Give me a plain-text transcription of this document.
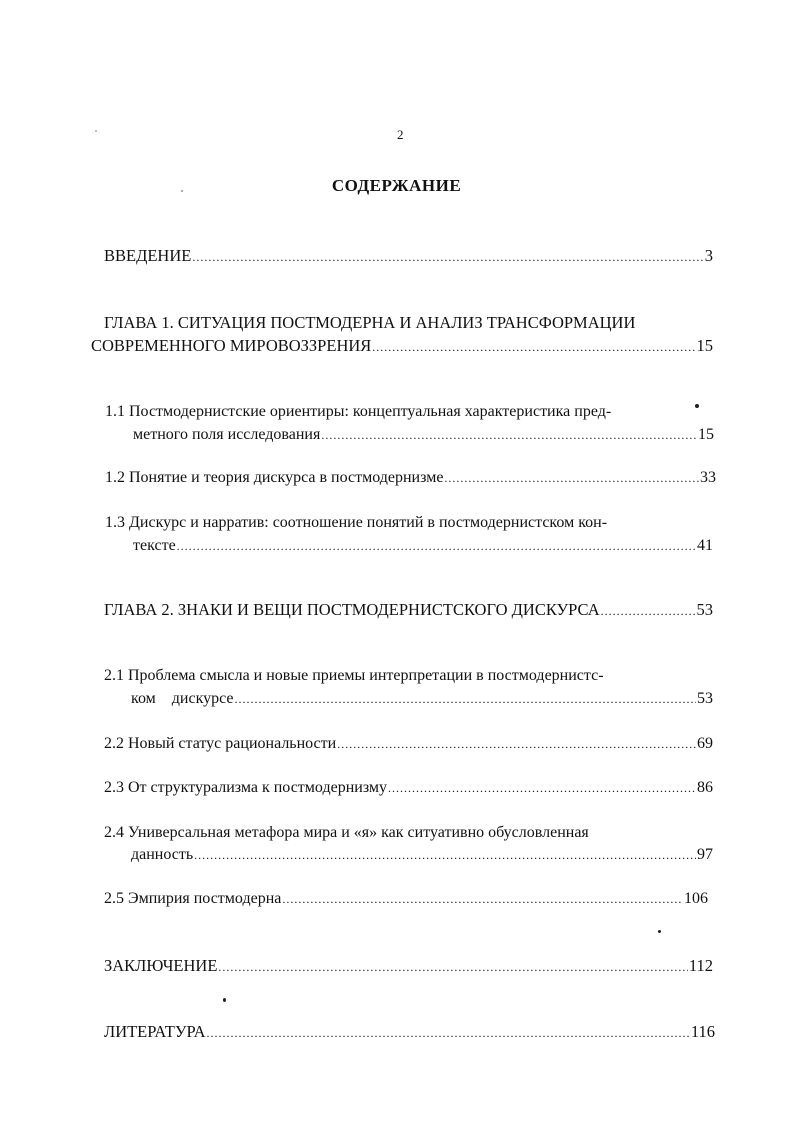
2
СОДЕРЖАНИЕ
ВВЕДЕНИЕ .....	3
ГЛАВА 1. СИТУАЦИЯ ПОСТМОДЕРНА И АНАЛИЗ ТРАНСФОРМАЦИИ
СОВРЕМЕННОГО МИРОВОЗЗРЕНИЯ .....	15
1.1 Постмодернистские ориентиры: концептуальная характеристика пред-
метного поля исследования .....	15
1.2 Понятие и теория дискурса в постмодернизме .....	33
1.3 Дискурс и нарратив: соотношение понятий в постмодернистском кон-
тексте .....	41
ГЛАВА 2. ЗНАКИ И ВЕЩИ ПОСТМОДЕРНИСТСКОГО ДИСКУРСА .....	53
2.1 Проблема смысла и новые приемы интерпретации в постмодернистс-
ком    дискурсе .....	53
2.2 Новый статус рациональности .....	69
2.3 От структурализма к постмодернизму .....	86
2.4 Универсальная метафора мира и «я» как ситуативно обусловленная
данность .....	97
2.5 Эмпирия постмодерна .....	106
ЗАКЛЮЧЕНИЕ .....	112
ЛИТЕРАТУРА .....	116
